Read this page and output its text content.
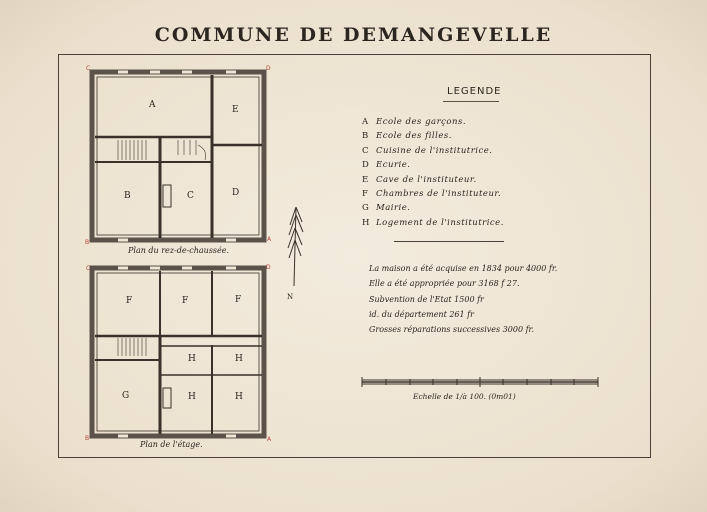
COMMUNE DE DEMANGEVELLE
A	E
B	C	D
F	F	F
H	H
G	H	H
C	D
B	A
C	D
B	A
N
Plan du rez-de-chaussée.
Plan de l'étage.
LEGENDE
A Ecole des garçons.
B Ecole des filles.
C Cuisine de l'institutrice.
D Ecurie.
E Cave de l'instituteur.
F Chambres de l'instituteur.
G Mairie.
H Logement de l'institutrice.
La maison a été acquise en 1834 pour 4000 fr.
Elle a été appropriée pour 3168 f 27.
Subvention de l'Etat 1500 fr
id. du département 261 fr
Grosses réparations successives 3000 fr.
Echelle de 1/à 100. (0m01)
